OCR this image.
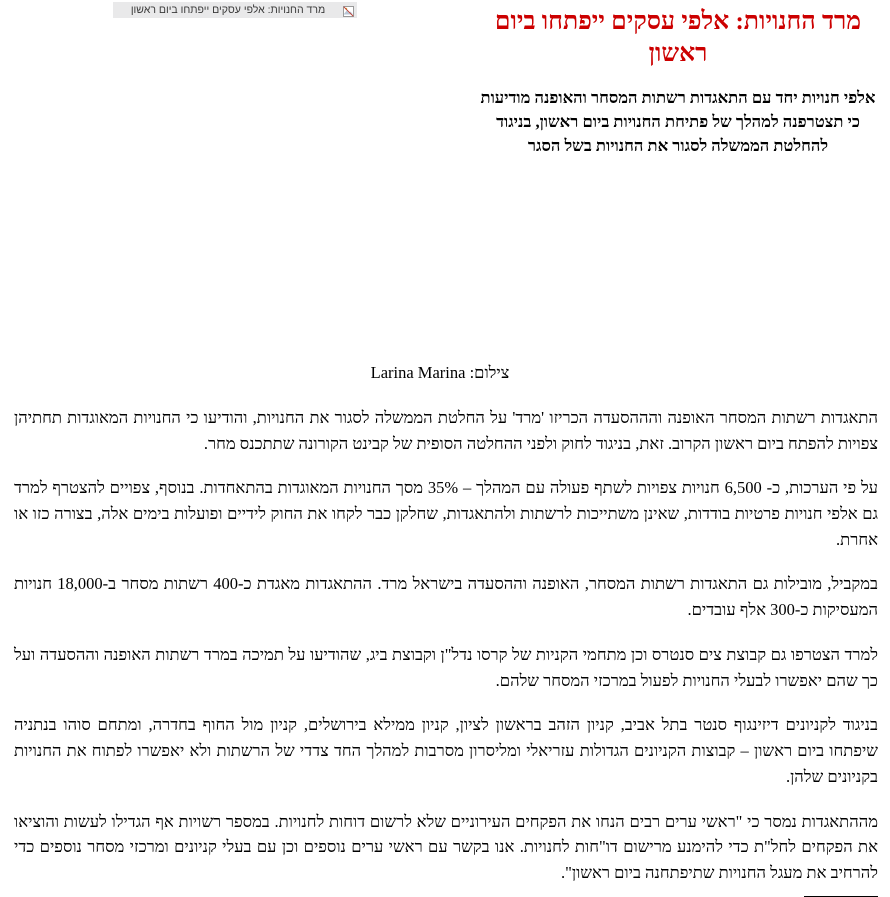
מרד החנויות: אלפי עסקים ייפתחו ביום ראשון

אלפי חנויות יחד עם התאגדות רשתות המסחר והאופנה מודיעות כי תצטרפנה למהלך של פתיחת החנויות ביום ראשון, בניגוד להחלטת הממשלה לסגור את החנויות בשל הסגר

מרד החנויות: אלפי עסקים ייפתחו ביום ראשון
צילום: Larina Marina

התאגדות רשתות המסחר האופנה והההסעדה הכריזו 'מרד' על החלטת הממשלה לסגור את החנויות, והודיעו כי החנויות המאוגדות תחתיהן צפויות להפתח ביום ראשון הקרוב. זאת, בניגוד לחוק ולפני ההחלטה הסופית של קבינט הקורונה שתתכנס מחר.

על פי הערכות, כ- 6,500 חנויות צפויות לשתף פעולה עם המהלך – 35% מסך החנויות המאוגדות בהתאחדות. בנוסף, צפויים להצטרף למרד גם אלפי חנויות פרטיות בודדות, שאינן משתייכות לרשתות ולהתאגדות, שחלקן כבר לקחו את החוק לידיים ופועלות בימים אלה, בצורה כזו או אחרת.

במקביל, מובילות גם התאגדות רשתות המסחר, האופנה וההסעדה בישראל מרד. ההתאגדות מאגדת כ-400 רשתות מסחר ב-18,000 חנויות המעסיקות כ-300 אלף עובדים.

למרד הצטרפו גם קבוצת צים סנטרס וכן מתחמי הקניות של קרסו נדל"ן וקבוצת ביג, שהודיעו על תמיכה במרד רשתות האופנה וההסעדה ועל כך שהם יאפשרו לבעלי החנויות לפעול במרכזי המסחר שלהם.

בניגוד לקניונים דיזינגוף סנטר בתל אביב, קניון הזהב בראשון לציון, קניון ממילא בירושלים, קניון מול החוף בחדרה, ומתחם סוהו בנתניה שיפתחו ביום ראשון – קבוצות הקניונים הגדולות עזריאלי ומליסרון מסרבות למהלך החד צדדי של הרשתות ולא יאפשרו לפתוח את החנויות בקניונים שלהן.

מההתאגדות נמסר כי "ראשי ערים רבים הנחו את הפקחים העירוניים שלא לרשום דוחות לחנויות. במספר רשויות אף הגדילו לעשות והוציאו את הפקחים לחל"ת כדי להימנע מרישום דו"חות לחנויות. אנו בקשר עם ראשי ערים נוספים וכן עם בעלי קניונים ומרכזי מסחר נוספים כדי להרחיב את מעגל החנויות שתיפתחנה ביום ראשון".
